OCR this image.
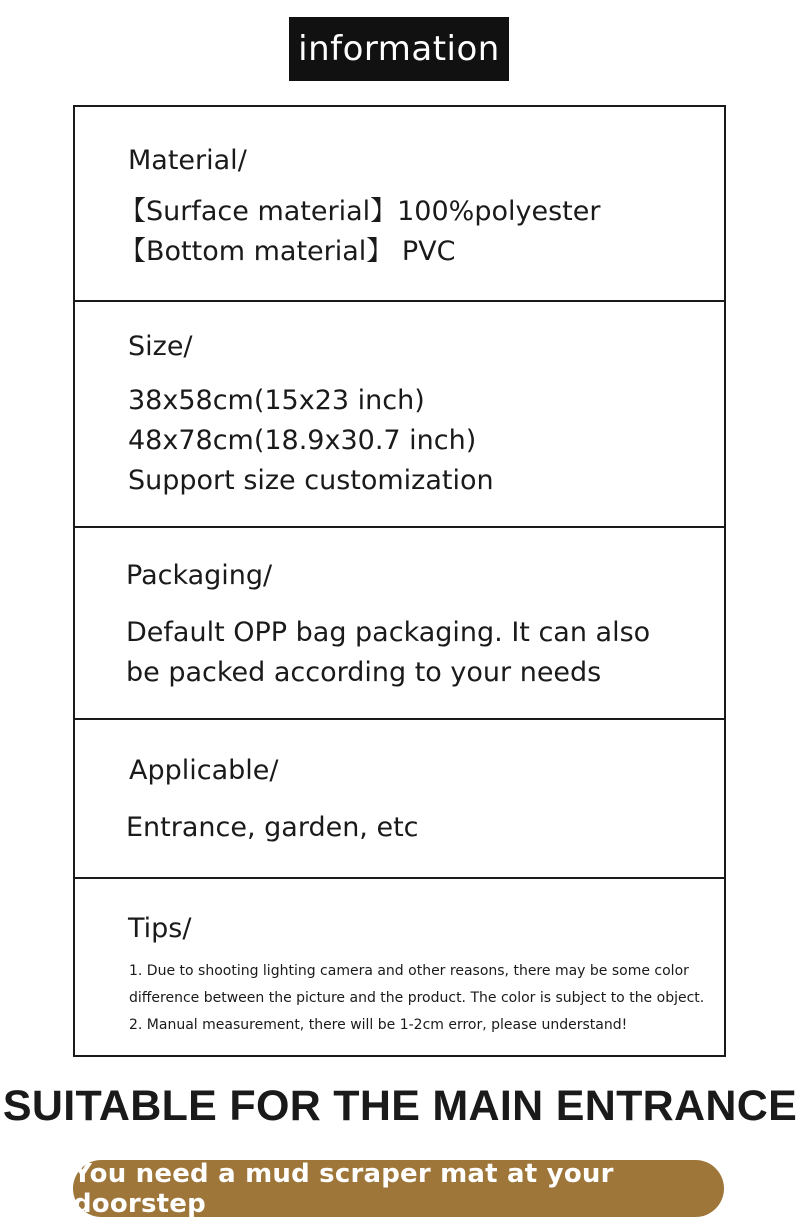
information
Material/
【Surface material】100%polyester
【Bottom material】 PVC
Size/
38x58cm(15x23 inch)
48x78cm(18.9x30.7 inch)
Support size customization
Packaging/
Default OPP bag packaging. It can also
be packed according to your needs
Applicable/
Entrance, garden, etc
Tips/
1. Due to shooting lighting camera and other reasons, there may be some color
difference between the picture and the product. The color is subject to the object.
2. Manual measurement, there will be 1-2cm error, please understand!
SUITABLE FOR THE MAIN ENTRANCE
You need a mud scraper mat at your doorstep
